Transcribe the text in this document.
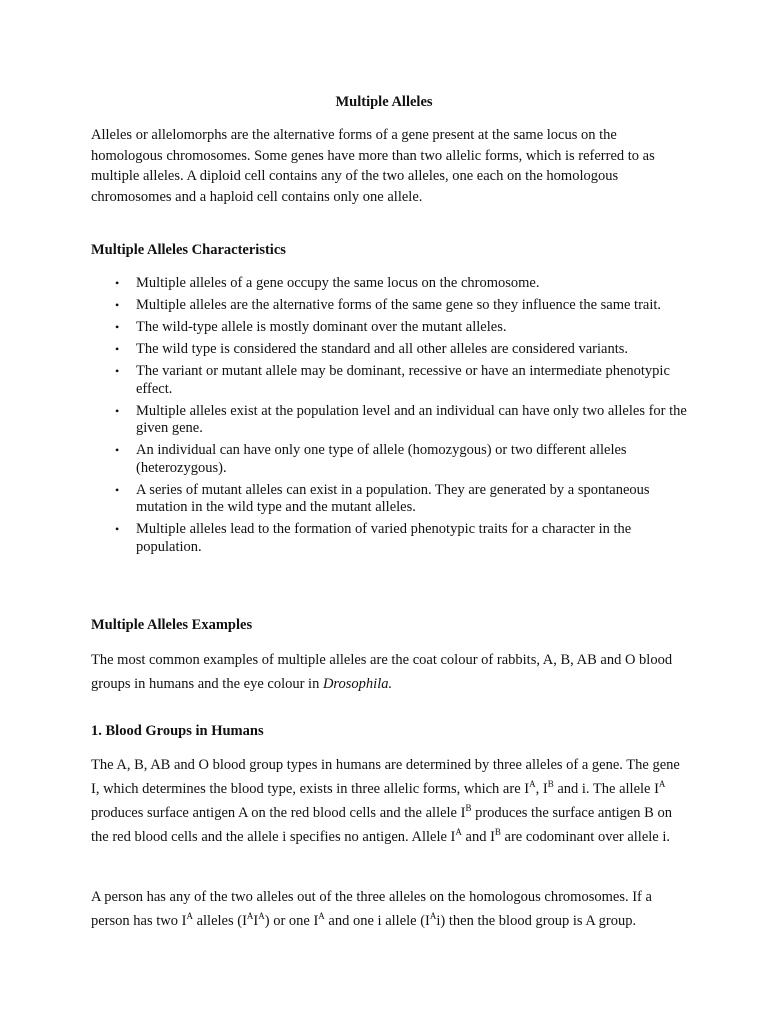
Multiple Alleles

Alleles or allelomorphs are the alternative forms of a gene present at the same locus on the homologous chromosomes. Some genes have more than two allelic forms, which is referred to as multiple alleles. A diploid cell contains any of the two alleles, one each on the homologous chromosomes and a haploid cell contains only one allele.

Multiple Alleles Characteristics
• Multiple alleles of a gene occupy the same locus on the chromosome.
• Multiple alleles are the alternative forms of the same gene so they influence the same trait.
• The wild-type allele is mostly dominant over the mutant alleles.
• The wild type is considered the standard and all other alleles are considered variants.
• The variant or mutant allele may be dominant, recessive or have an intermediate phenotypic effect.
• Multiple alleles exist at the population level and an individual can have only two alleles for the given gene.
• An individual can have only one type of allele (homozygous) or two different alleles (heterozygous).
• A series of mutant alleles can exist in a population. They are generated by a spontaneous mutation in the wild type and the mutant alleles.
• Multiple alleles lead to the formation of varied phenotypic traits for a character in the population.
Multiple Alleles Examples

The most common examples of multiple alleles are the coat colour of rabbits, A, B, AB and O blood groups in humans and the eye colour in Drosophila.

1. Blood Groups in Humans

The A, B, AB and O blood group types in humans are determined by three alleles of a gene. The gene I, which determines the blood type, exists in three allelic forms, which are $I^A$, $I^B$ and i. The allele $I^A$ produces surface antigen A on the red blood cells and the allele $I^B$ produces the surface antigen B on the red blood cells and the allele i specifies no antigen. Allele $I^A$ and $I^B$ are codominant over allele i.

A person has any of the two alleles out of the three alleles on the homologous chromosomes. If a person has two $I^A$ alleles $(I^AI^A)$ or one $I^A$ and one i allele $(I^Ai)$ then the blood group is A group.
